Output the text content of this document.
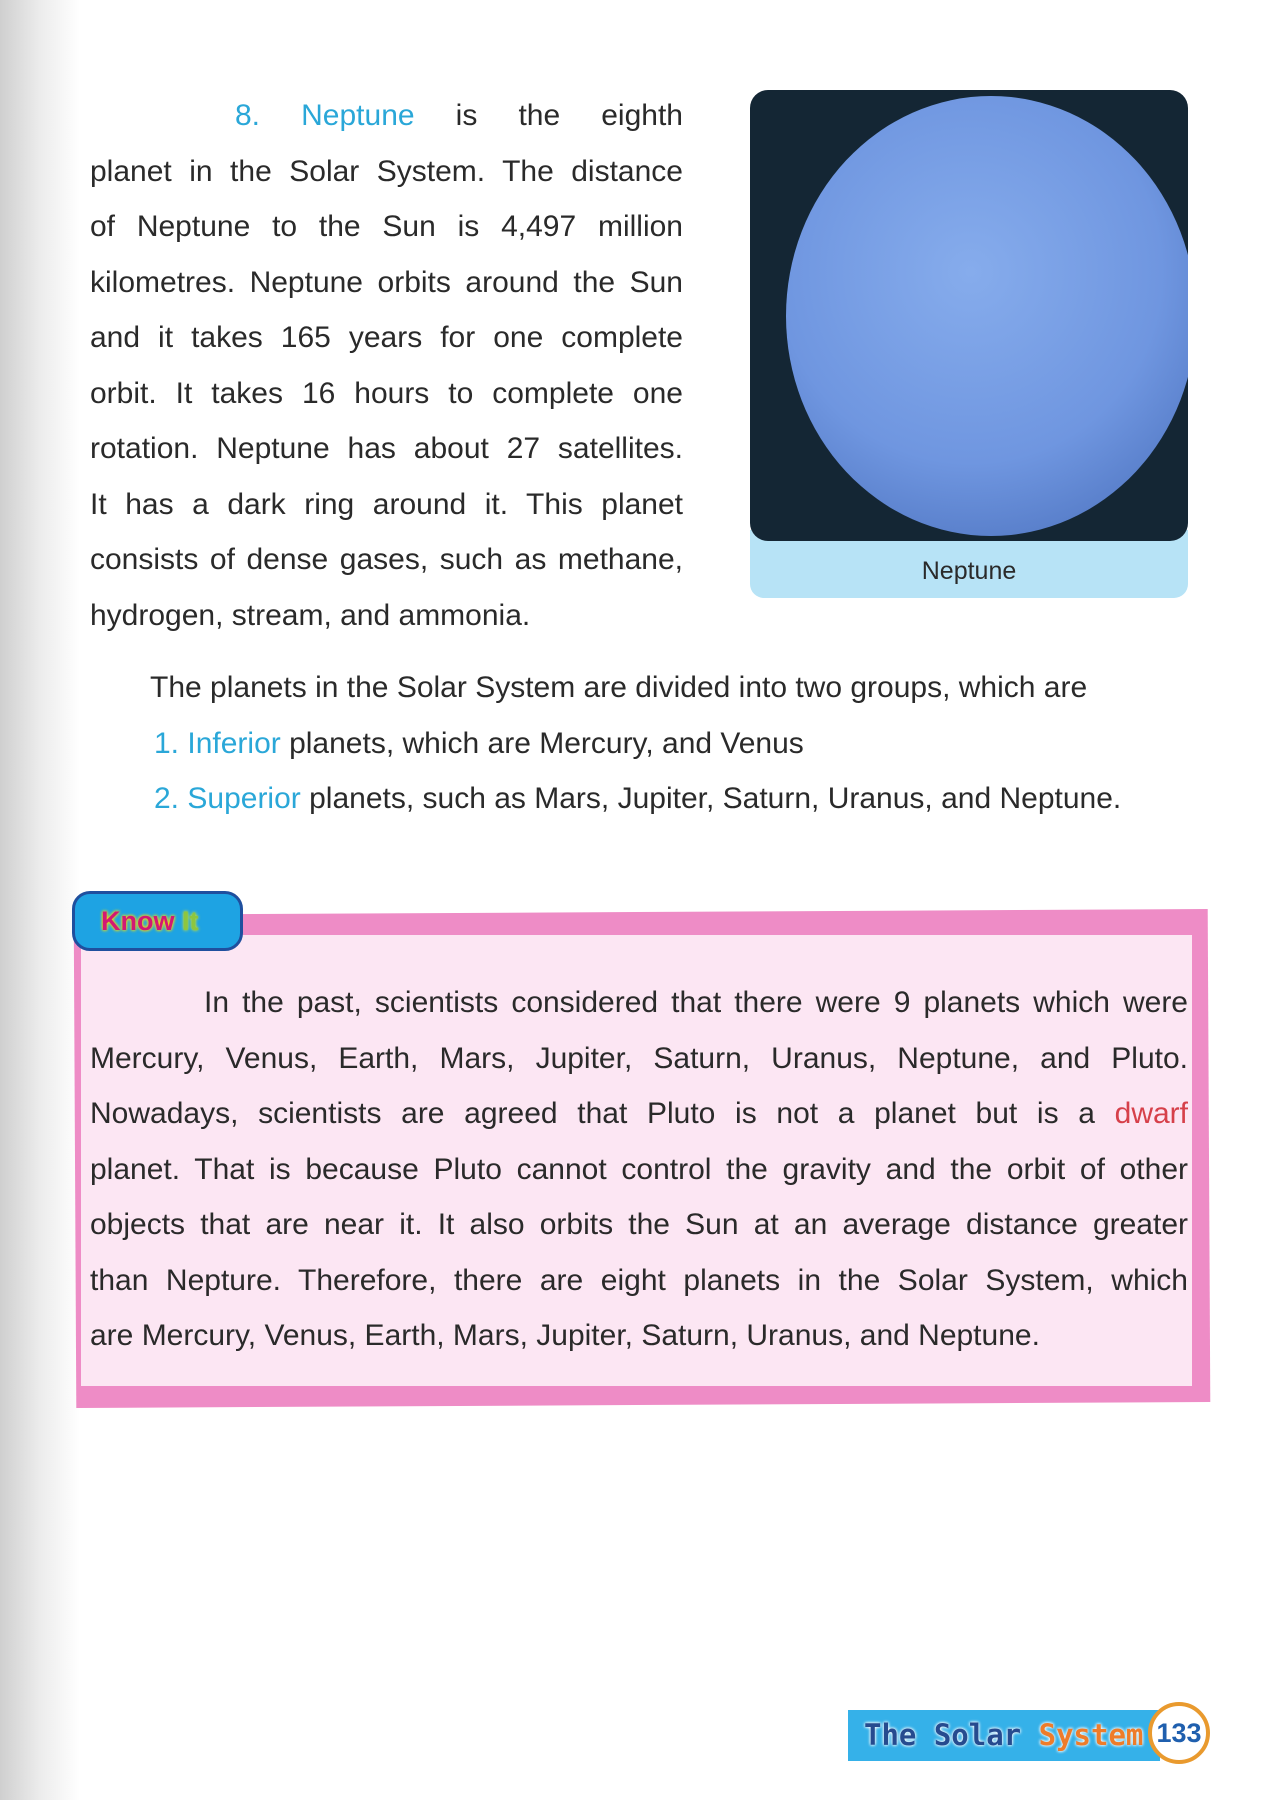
8. Neptune is the eighth
planet in the Solar System. The distance
of Neptune to the Sun is 4,497 million
kilometres. Neptune orbits around the Sun
and it takes 165 years for one complete
orbit. It takes 16 hours to complete one
rotation. Neptune has about 27 satellites.
It has a dark ring around it. This planet
consists of dense gases, such as methane,
hydrogen, stream, and ammonia.
Neptune
The planets in the Solar System are divided into two groups, which are
1. Inferior planets, which are Mercury, and Venus
2. Superior planets, such as Mars, Jupiter, Saturn, Uranus, and Neptune.
Know It
In the past, scientists considered that there were 9 planets which were
Mercury, Venus, Earth, Mars, Jupiter, Saturn, Uranus, Neptune, and Pluto.
Nowadays, scientists are agreed that Pluto is not a planet but is a dwarf
planet. That is because Pluto cannot control the gravity and the orbit of other
objects that are near it. It also orbits the Sun at an average distance greater
than Nepture. Therefore, there are eight planets in the Solar System, which
are Mercury, Venus, Earth, Mars, Jupiter, Saturn, Uranus, and Neptune.
The Solar System 133
